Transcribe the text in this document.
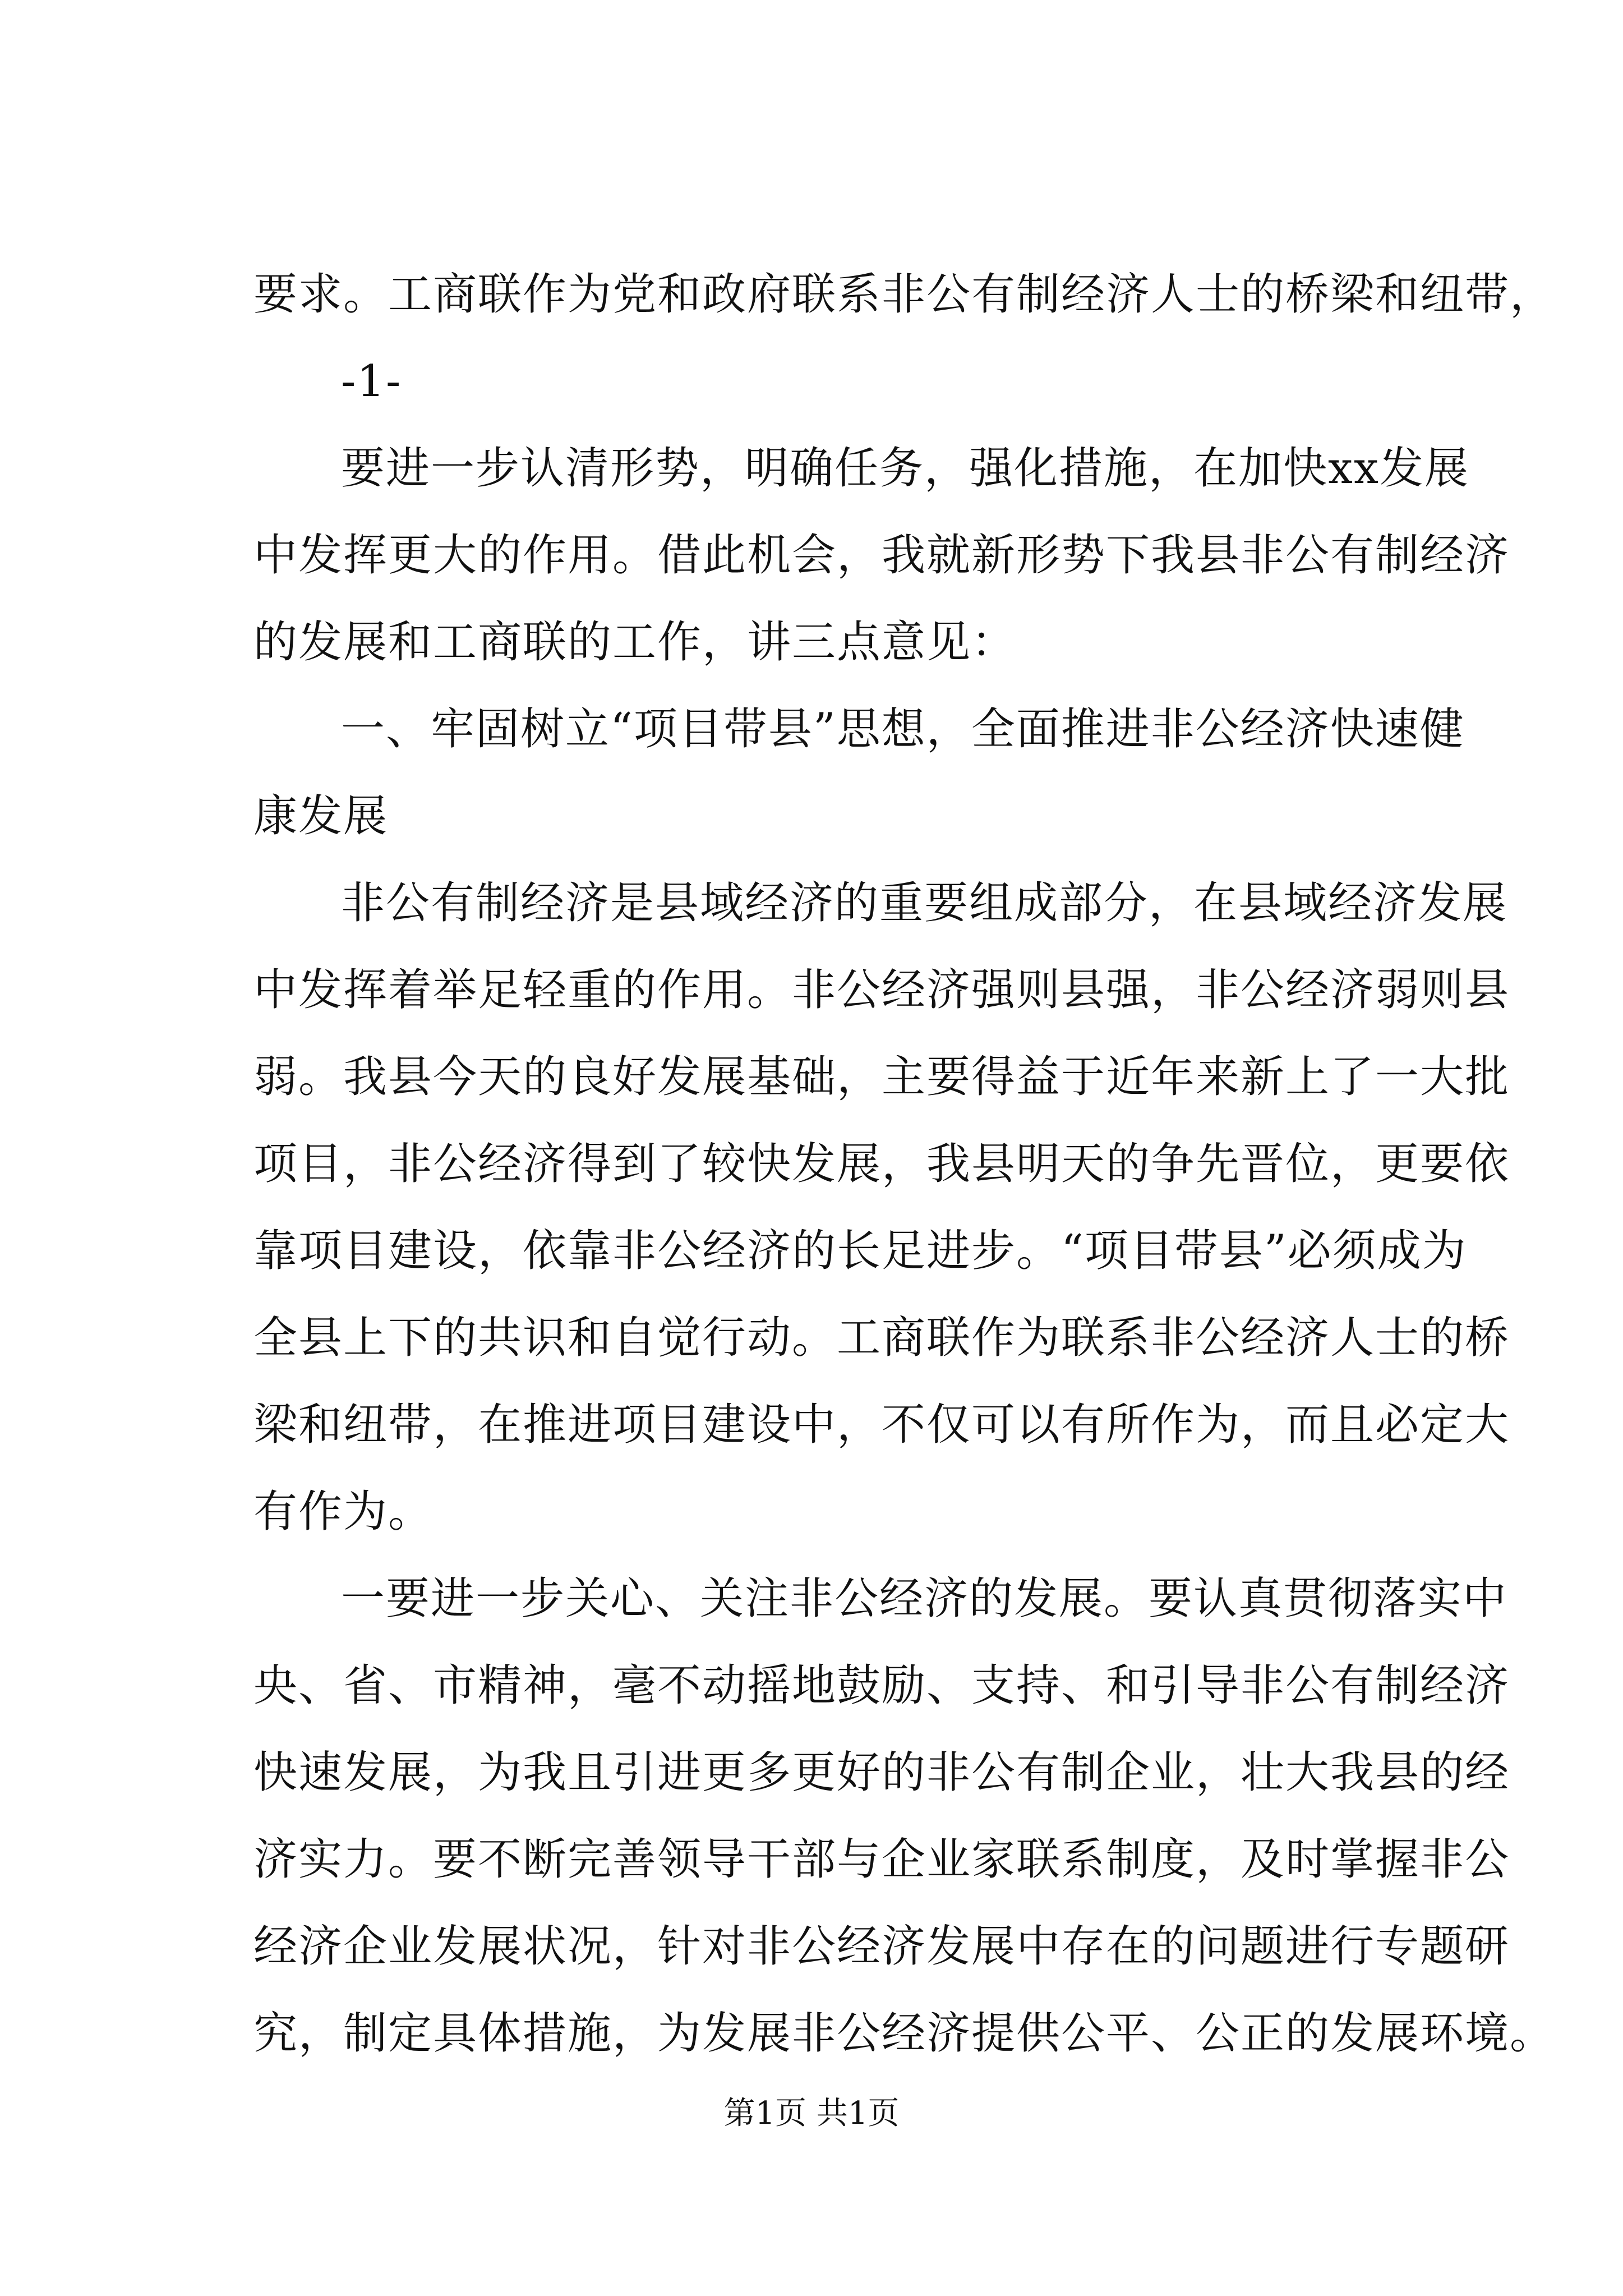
要求。工商联作为党和政府联系非公有制经济人士的桥梁和纽带，
-1-
要进一步认清形势，明确任务，强化措施，在加快xx发展
中发挥更大的作用。借此机会，我就新形势下我县非公有制经济
的发展和工商联的工作，讲三点意见：
一、牢固树立“项目带县”思想，全面推进非公经济快速健
康发展
非公有制经济是县域经济的重要组成部分，在县域经济发展
中发挥着举足轻重的作用。非公经济强则县强，非公经济弱则县
弱。我县今天的良好发展基础，主要得益于近年来新上了一大批
项目，非公经济得到了较快发展，我县明天的争先晋位，更要依
靠项目建设，依靠非公经济的长足进步。“项目带县”必须成为
全县上下的共识和自觉行动。工商联作为联系非公经济人士的桥
梁和纽带，在推进项目建设中，不仅可以有所作为，而且必定大
有作为。
一要进一步关心、关注非公经济的发展。要认真贯彻落实中
央、省、市精神，毫不动摇地鼓励、支持、和引导非公有制经济
快速发展，为我且引进更多更好的非公有制企业，壮大我县的经
济实力。要不断完善领导干部与企业家联系制度，及时掌握非公
经济企业发展状况，针对非公经济发展中存在的问题进行专题研
究，制定具体措施，为发展非公经济提供公平、公正的发展环境。
第1页 共1页
